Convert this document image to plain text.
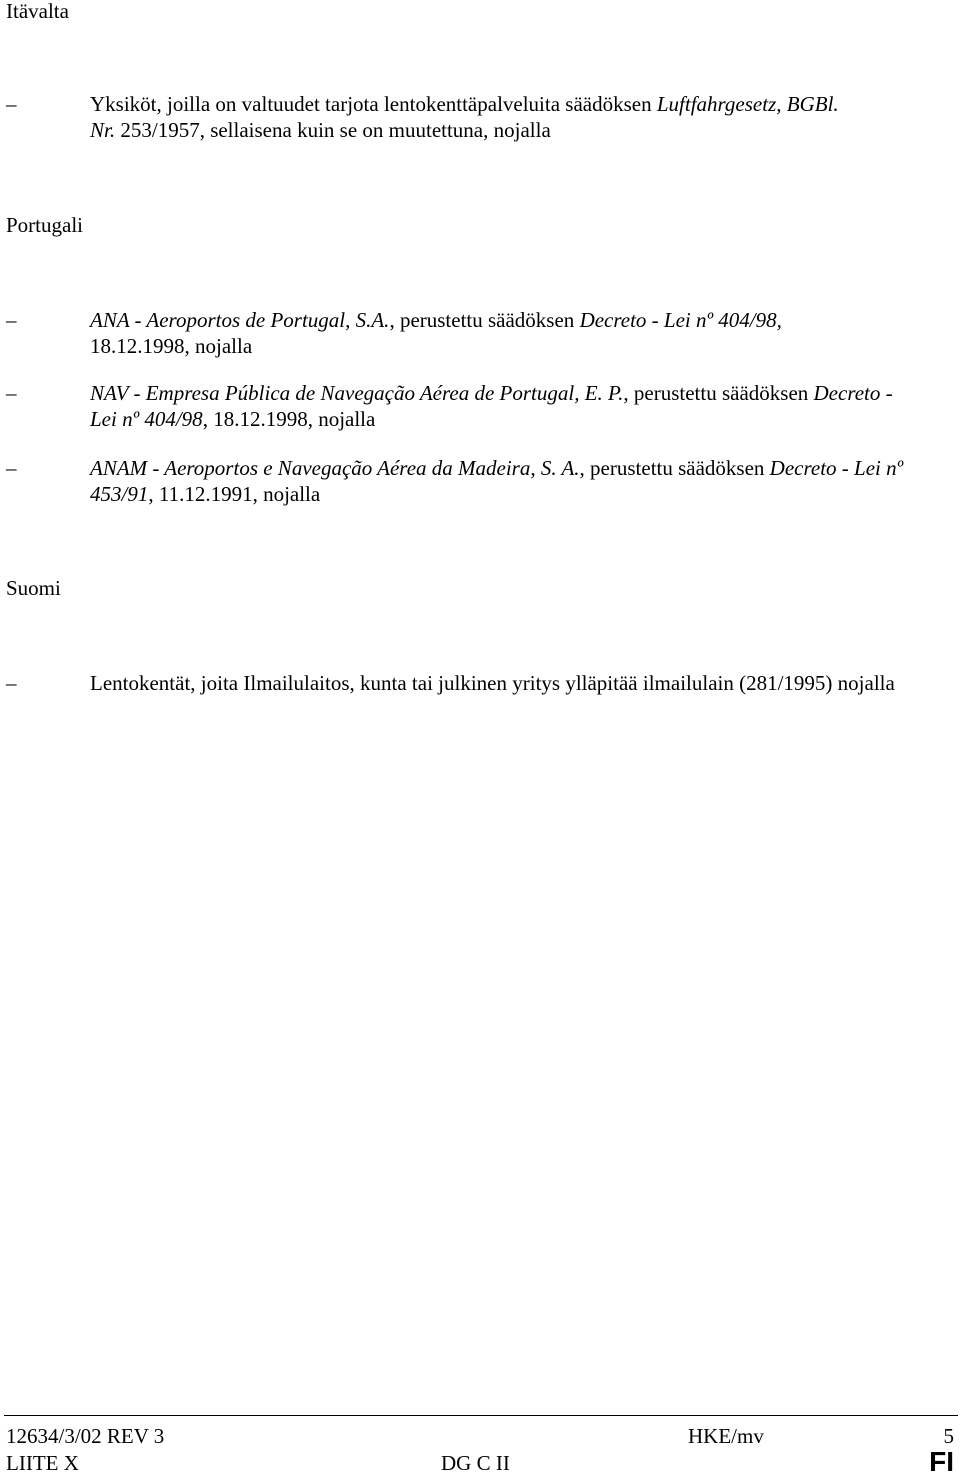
Itävalta
–	Yksiköt, joilla on valtuudet tarjota lentokenttäpalveluita säädöksen Luftfahrgesetz, BGBl. Nr. 253/1957, sellaisena kuin se on muutettuna, nojalla
Portugali
–	ANA - Aeroportos de Portugal, S.A., perustettu säädöksen Decreto - Lei nº 404/98, 18.12.1998, nojalla
–	NAV - Empresa Pública de Navegação Aérea de Portugal, E. P., perustettu säädöksen Decreto - Lei nº 404/98, 18.12.1998, nojalla
–	ANAM - Aeroportos e Navegação Aérea da Madeira, S. A., perustettu säädöksen Decreto - Lei nº 453/91, 11.12.1991, nojalla
Suomi
–	Lentokentät, joita Ilmailulaitos, kunta tai julkinen yritys ylläpitää ilmailulain (281/1995) nojalla
12634/3/02 REV 3	HKE/mv	5
LIITE X	DG C II	FI
